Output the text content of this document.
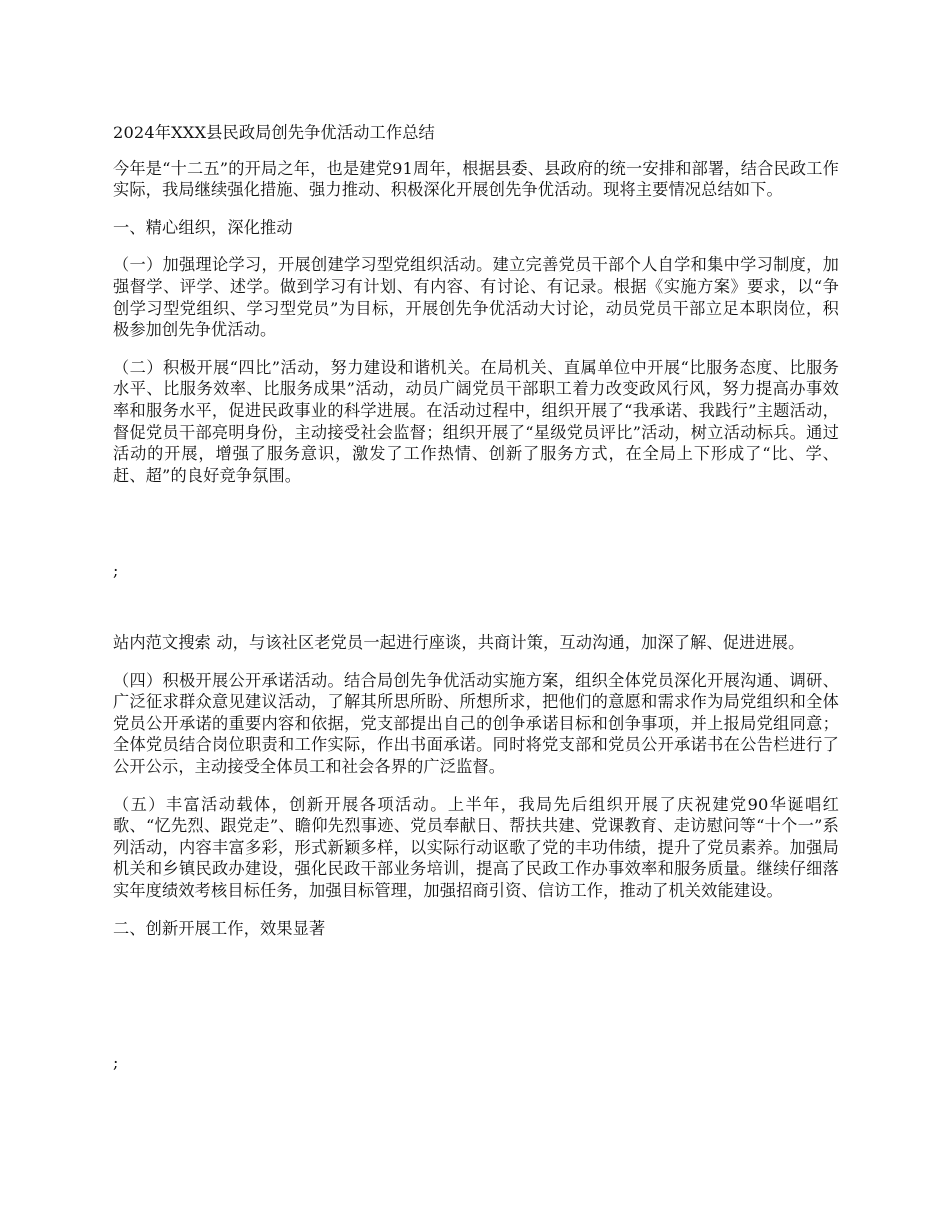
2024年XXX县民政局创先争优活动工作总结

今年是“十二五”的开局之年，也是建党91周年，根据县委、县政府的统一安排和部署，结合民政工作实际，我局继续强化措施、强力推动、积极深化开展创先争优活动。现将主要情况总结如下。

一、精心组织，深化推动

（一）加强理论学习，开展创建学习型党组织活动。建立完善党员干部个人自学和集中学习制度，加强督学、评学、述学。做到学习有计划、有内容、有讨论、有记录。根据《实施方案》要求，以“争创学习型党组织、学习型党员”为目标，开展创先争优活动大讨论，动员党员干部立足本职岗位，积极参加创先争优活动。

（二）积极开展“四比”活动，努力建设和谐机关。在局机关、直属单位中开展“比服务态度、比服务水平、比服务效率、比服务成果”活动，动员广阔党员干部职工着力改变政风行风，努力提高办事效率和服务水平，促进民政事业的科学进展。在活动过程中，组织开展了“我承诺、我践行”主题活动，督促党员干部亮明身份，主动接受社会监督；组织开展了“星级党员评比”活动，树立活动标兵。通过活动的开展，增强了服务意识，激发了工作热情、创新了服务方式，在全局上下形成了“比、学、赶、超”的良好竞争氛围。

;

站内范文搜索 动，与该社区老党员一起进行座谈，共商计策，互动沟通，加深了解、促进进展。

（四）积极开展公开承诺活动。结合局创先争优活动实施方案，组织全体党员深化开展沟通、调研、广泛征求群众意见建议活动，了解其所思所盼、所想所求，把他们的意愿和需求作为局党组织和全体党员公开承诺的重要内容和依据，党支部提出自己的创争承诺目标和创争事项，并上报局党组同意；全体党员结合岗位职责和工作实际，作出书面承诺。同时将党支部和党员公开承诺书在公告栏进行了公开公示，主动接受全体员工和社会各界的广泛监督。

（五）丰富活动载体，创新开展各项活动。上半年，我局先后组织开展了庆祝建党90华诞唱红歌、“忆先烈、跟党走”、瞻仰先烈事迹、党员奉献日、帮扶共建、党课教育、走访慰问等“十个一”系列活动，内容丰富多彩，形式新颖多样，以实际行动讴歌了党的丰功伟绩，提升了党员素养。加强局机关和乡镇民政办建设，强化民政干部业务培训，提高了民政工作办事效率和服务质量。继续仔细落实年度绩效考核目标任务，加强目标管理，加强招商引资、信访工作，推动了机关效能建设。

二、创新开展工作，效果显著

;
